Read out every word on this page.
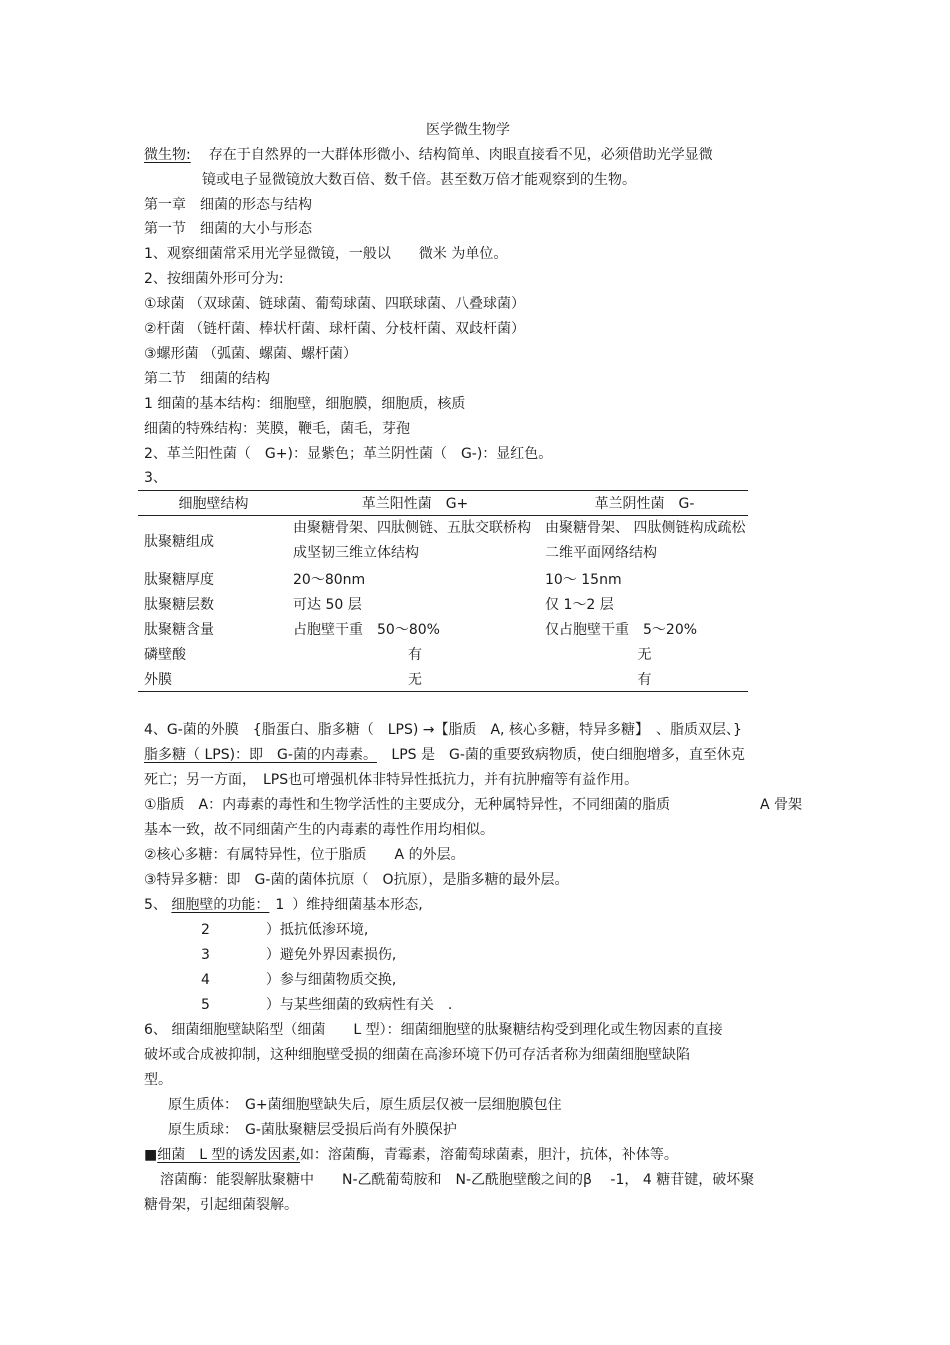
医学微生物学
微生物: 存在于自然界的一大群体形微小、结构简单、肉眼直接看不见，必须借助光学显微
镜或电子显微镜放大数百倍、数千倍。甚至数万倍才能观察到的生物。
第一章　细菌的形态与结构
第一节　细菌的大小与形态
1、观察细菌常采用光学显微镜，一般以　　微米 为单位。
2、按细菌外形可分为:
①球菌 （双球菌、链球菌、葡萄球菌、四联球菌、八叠球菌）
②杆菌 （链杆菌、棒状杆菌、球杆菌、分枝杆菌、双歧杆菌）
③螺形菌 （弧菌、螺菌、螺杆菌）
第二节　细菌的结构
1 细菌的基本结构：细胞壁，细胞膜，细胞质，核质
细菌的特殊结构：荚膜，鞭毛，菌毛，芽孢
2、革兰阳性菌（　G+)：显紫色；革兰阴性菌（　G-)：显红色。
3、
细胞壁结构	革兰阳性菌　G+	革兰阴性菌　G-
肽聚糖组成	由聚糖骨架、四肽侧链、五肽交联桥构成坚韧三维立体结构	由聚糖骨架、 四肽侧链构成疏松二维平面网络结构
肽聚糖厚度	20～80nm	10～ 15nm
肽聚糖层数	可达 50 层	仅 1～2 层
肽聚糖含量	占胞壁干重　50～80%	仅占胞壁干重　5～20%
磷壁酸	有	无
外膜	无	有
4、G-菌的外膜　{脂蛋白、脂多糖（　LPS) →【脂质　A, 核心多糖，特异多糖】　、脂质双层、}
脂多糖（ LPS)：即　G-菌的内毒素。 LPS 是　G-菌的重要致病物质，使白细胞增多，直至休克
死亡；另一方面，　LPS也可增强机体非特异性抵抗力，并有抗肿瘤等有益作用。
①脂质　A：内毒素的毒性和生物学活性的主要成分，无种属特异性，不同细菌的脂质	A 骨架
基本一致，故不同细菌产生的内毒素的毒性作用均相似。
②核心多糖：有属特异性，位于脂质　　A 的外层。
③特异多糖：即　G-菌的菌体抗原（　O抗原），是脂多糖的最外层。
5、 细胞壁的功能： 1 ）维持细菌基本形态,
2	）抵抗低渗环境,
3	）避免外界因素损伤,
4	）参与细菌物质交换,
5	）与某些细菌的致病性有关　.
6、 细菌细胞壁缺陷型（细菌　　L 型）：细菌细胞壁的肽聚糖结构受到理化或生物因素的直接
破坏或合成被抑制，这种细胞壁受损的细菌在高渗环境下仍可存活者称为细菌细胞壁缺陷
型。
原生质体：　G+菌细胞壁缺失后，原生质层仅被一层细胞膜包住
原生质球：　G-菌肽聚糖层受损后尚有外膜保护
■细菌　L 型的诱发因素,如：溶菌酶，青霉素，溶葡萄球菌素，胆汁，抗体，补体等。
溶菌酶：能裂解肽聚糖中　　N-乙酰葡萄胺和　N-乙酰胞壁酸之间的β　 -1， 4 糖苷键，破坏聚
糖骨架，引起细菌裂解。
